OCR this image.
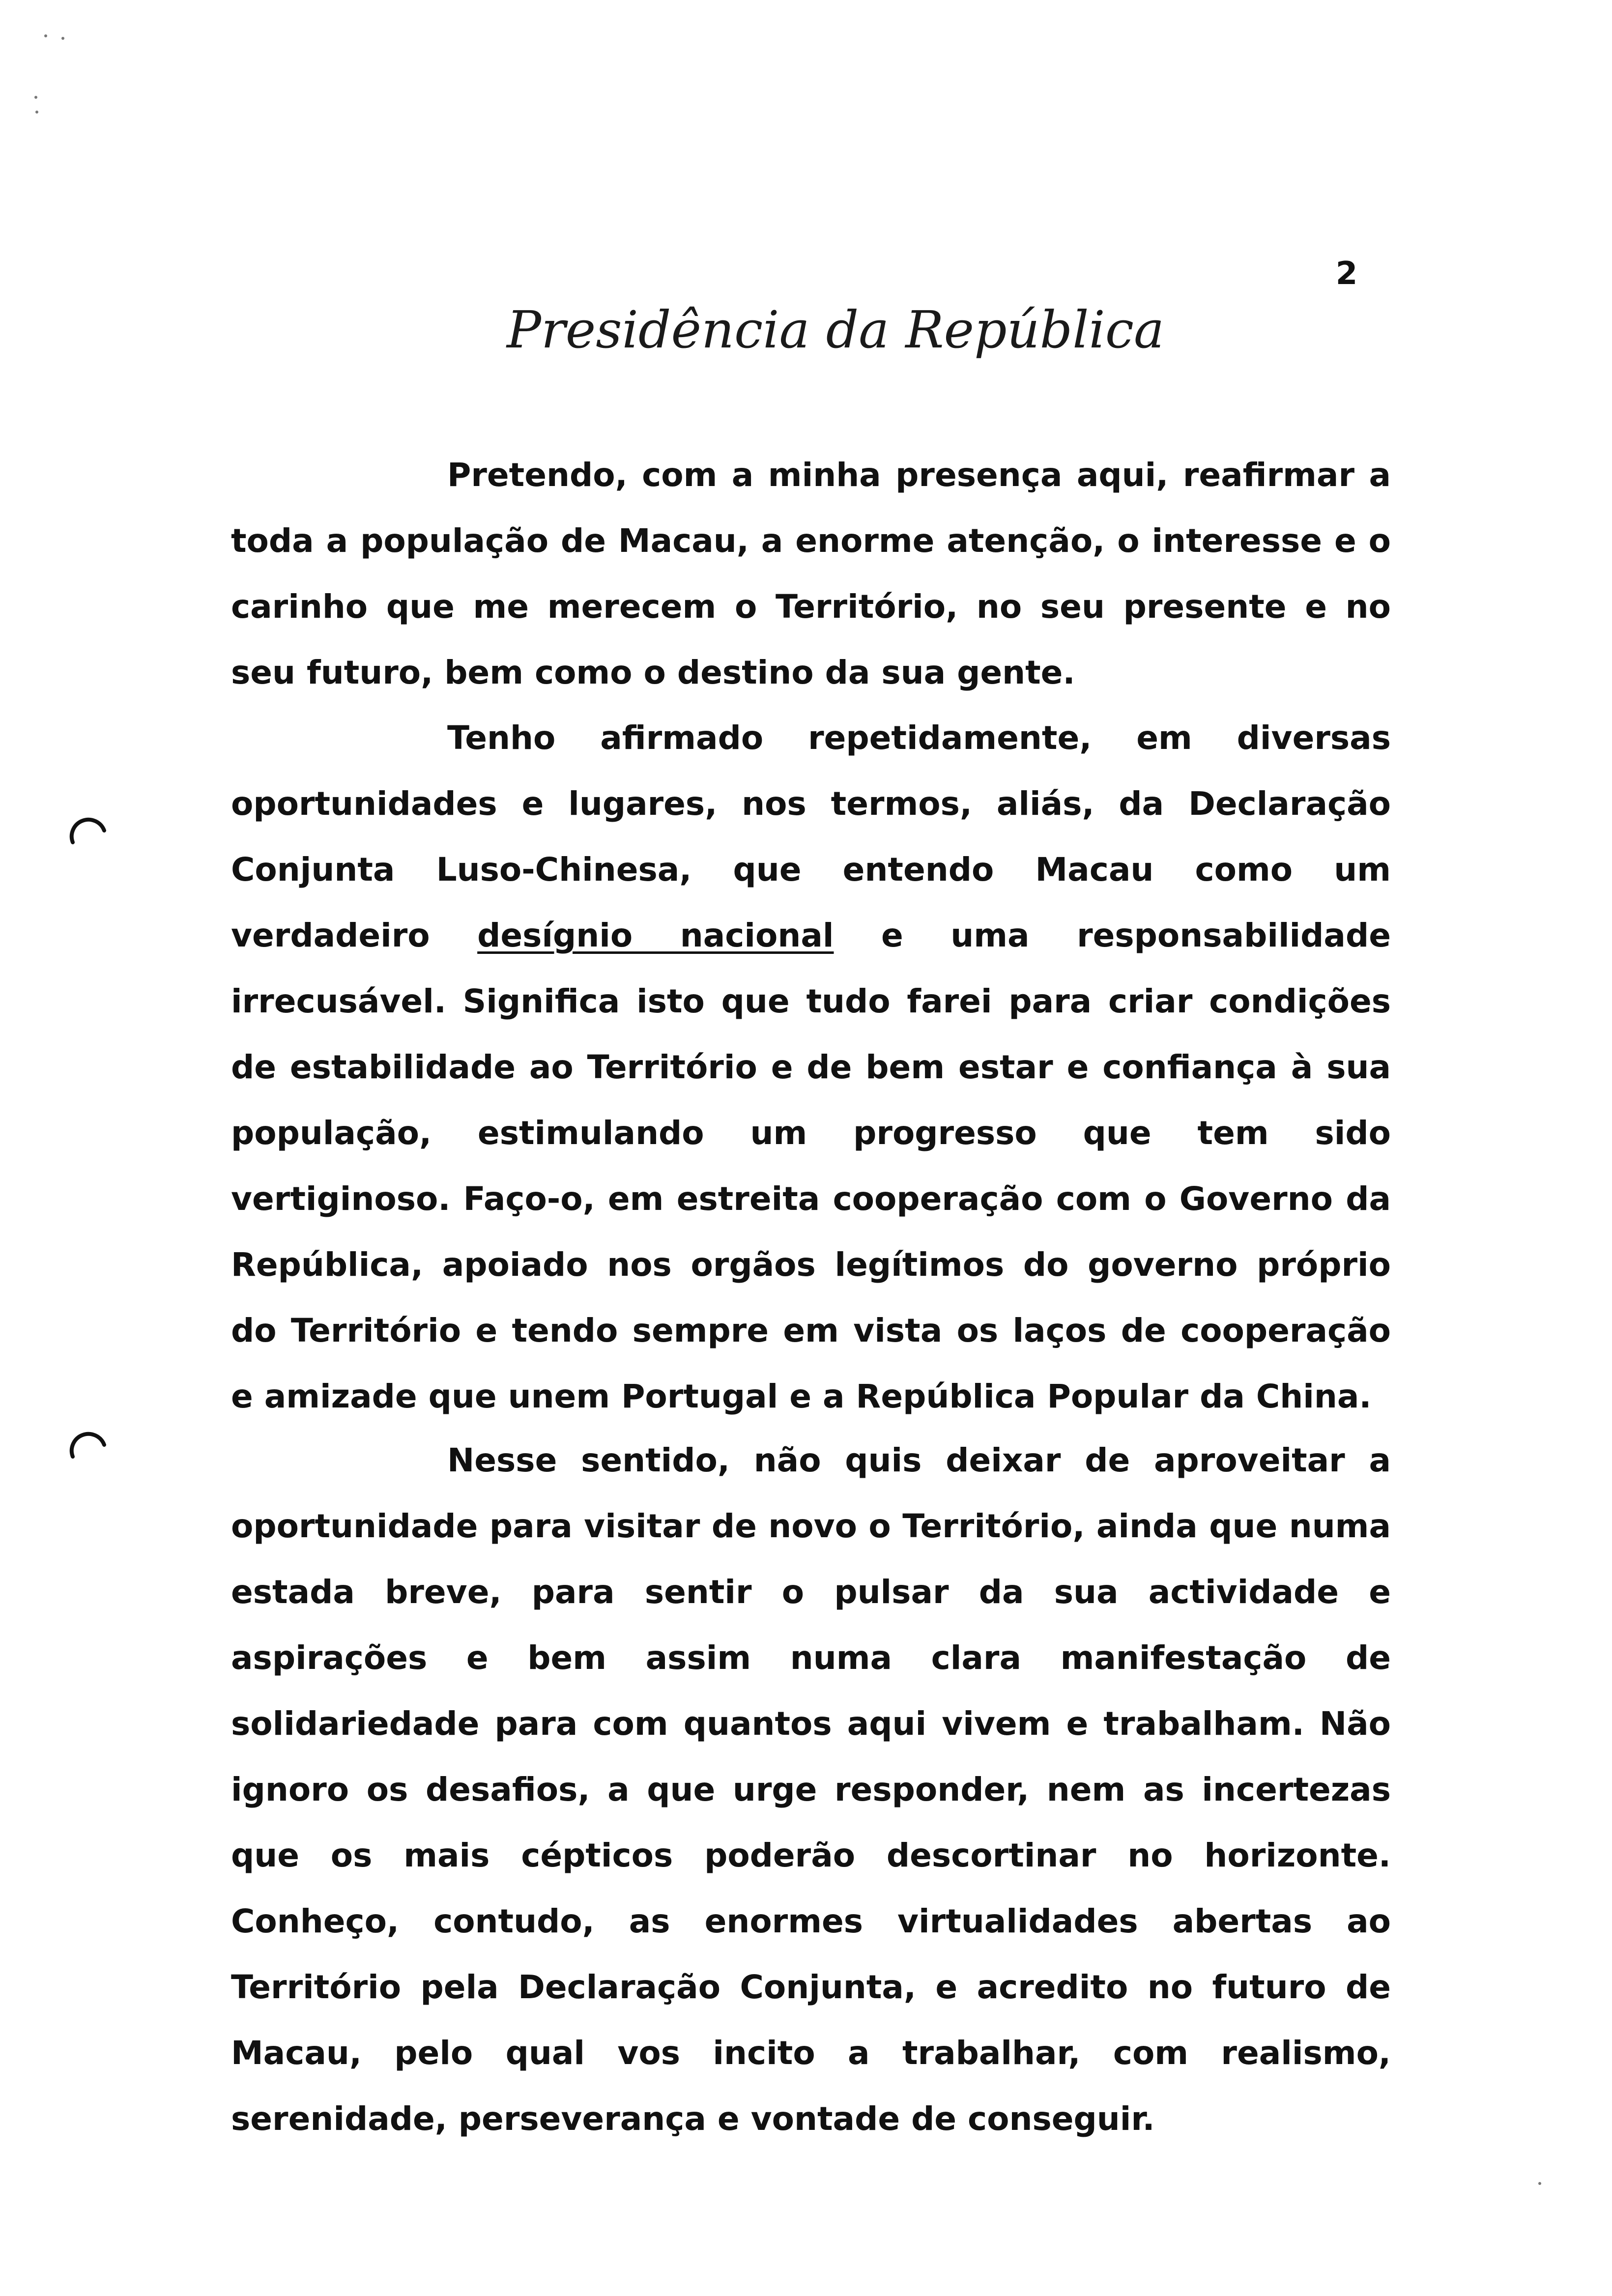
2
Presidência da República

Pretendo, com a minha presença aqui, reafirmar a toda a população de Macau, a enorme atenção, o interesse e o carinho que me merecem o Território, no seu presente e no seu futuro, bem como o destino da sua gente.

Tenho afirmado repetidamente, em diversas oportunidades e lugares, nos termos, aliás, da Declaração Conjunta Luso-Chinesa, que entendo Macau como um verdadeiro desígnio nacional e uma responsabilidade irrecusável. Significa isto que tudo farei para criar condições de estabilidade ao Território e de bem estar e confiança à sua população, estimulando um progresso que tem sido vertiginoso. Faço-o, em estreita cooperação com o Governo da República, apoiado nos orgãos legítimos do governo próprio do Território e tendo sempre em vista os laços de cooperação e amizade que unem Portugal e a República Popular da China.

Nesse sentido, não quis deixar de aproveitar a oportunidade para visitar de novo o Território, ainda que numa estada breve, para sentir o pulsar da sua actividade e aspirações e bem assim numa clara manifestação de solidariedade para com quantos aqui vivem e trabalham. Não ignoro os desafios, a que urge responder, nem as incertezas que os mais cépticos poderão descortinar no horizonte. Conheço, contudo, as enormes virtualidades abertas ao Território pela Declaração Conjunta, e acredito no futuro de Macau, pelo qual vos incito a trabalhar, com realismo, serenidade, perseverança e vontade de conseguir.
